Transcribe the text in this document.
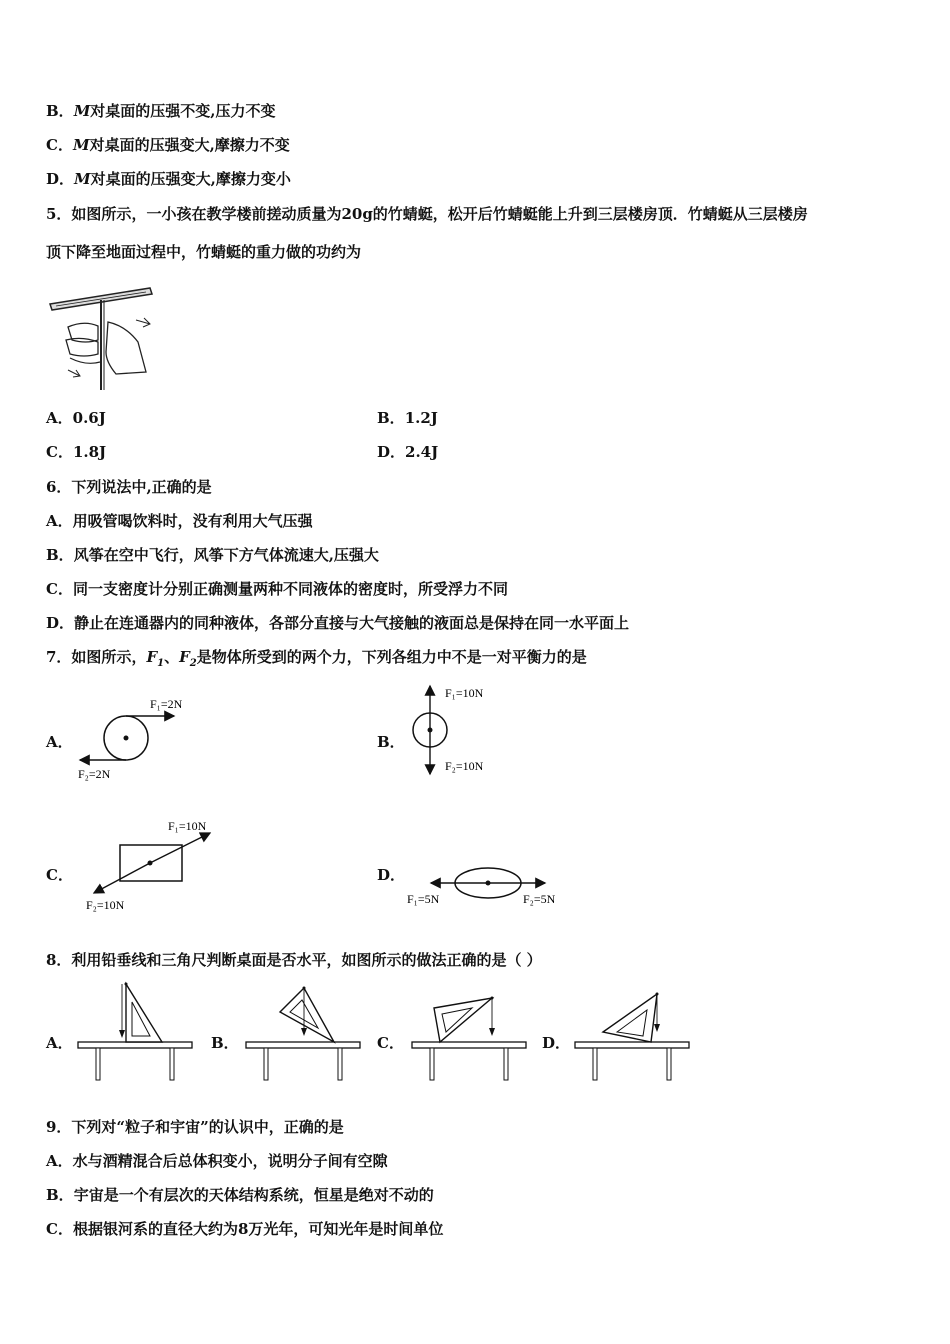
B．M对桌面的压强不变,压力不变
C．M对桌面的压强变大,摩擦力不变
D．M对桌面的压强变大,摩擦力变小
5．如图所示，一小孩在教学楼前搓动质量为20g的竹蜻蜓，松开后竹蜻蜓能上升到三层楼房顶．竹蜻蜓从三层楼房
顶下降至地面过程中，竹蜻蜓的重力做的功约为
A．0.6J	B．1.2J
C．1.8J	D．2.4J
6．下列说法中,正确的是
A．用吸管喝饮料时，没有利用大气压强
B．风筝在空中飞行，风筝下方气体流速大,压强大
C．同一支密度计分别正确测量两种不同液体的密度时，所受浮力不同
D．静止在连通器内的同种液体，各部分直接与大气接触的液面总是保持在同一水平面上
7．如图所示，$F_1$、$F_2$是物体所受到的两个力，下列各组力中不是一对平衡力的是
A．
F₁=2N
F₂=2N
B．
F₁=10N
F₂=10N
C．
F₁=10N
F₂=10N
D．
F₁=5N	F₂=5N
8．利用铅垂线和三角尺判断桌面是否水平，如图所示的做法正确的是（ ）
A．	B．	C．	D．
9．下列对“粒子和宇宙”的认识中，正确的是
A．水与酒精混合后总体积变小，说明分子间有空隙
B．宇宙是一个有层次的天体结构系统，恒星是绝对不动的
C．根据银河系的直径大约为8万光年，可知光年是时间单位
